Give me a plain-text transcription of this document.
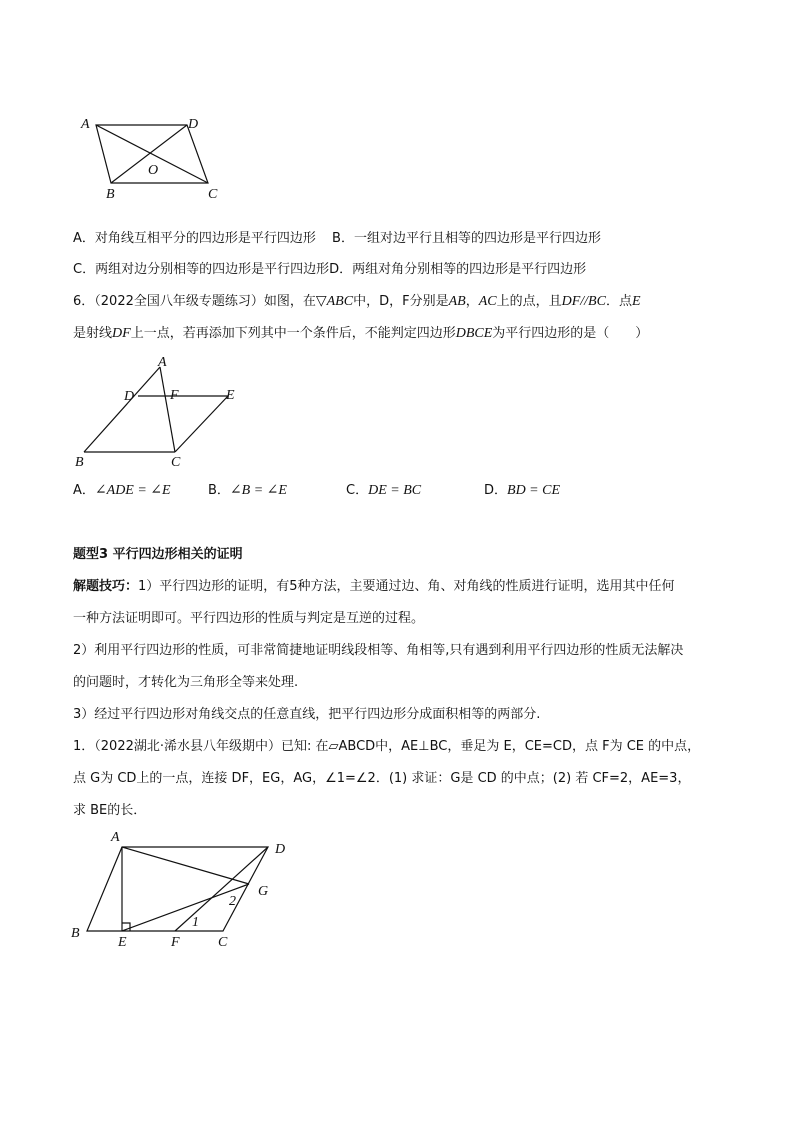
A	D
O
B	C
A．对角线互相平分的四边形是平行四边形 B．一组对边平行且相等的四边形是平行四边形
C．两组对边分别相等的四边形是平行四边形D．两组对角分别相等的四边形是平行四边形
6．（2022全国八年级专题练习）如图，在▽ABC中，D，F分别是AB，AC上的点，且DF//BC．点E
是射线DF上一点，若再添加下列其中一个条件后，不能判定四边形DBCE为平行四边形的是（　　）
A
D	F	E
B	C
A．∠ADE = ∠E	B．∠B = ∠E	C．DE = BC	D．BD = CE
题型3 平行四边形相关的证明
解题技巧：1）平行四边形的证明，有5种方法，主要通过边、角、对角线的性质进行证明，选用其中任何
一种方法证明即可。平行四边形的性质与判定是互逆的过程。
2）利用平行四边形的性质，可非常简捷地证明线段相等、角相等,只有遇到利用平行四边形的性质无法解决
的问题时，才转化为三角形全等来处理.
3）经过平行四边形对角线交点的任意直线，把平行四边形分成面积相等的两部分.
1．（2022湖北·浠水县八年级期中）已知: 在▱ABCD中，AE⊥BC，垂足为 E，CE=CD，点 F为 CE 的中点，
点 G为 CD上的一点，连接 DF，EG，AG，∠1=∠2．(1) 求证：G是 CD 的中点；(2) 若 CF=2，AE=3，
求 BE的长．
A
D
G
2
1
B
E	F	C
